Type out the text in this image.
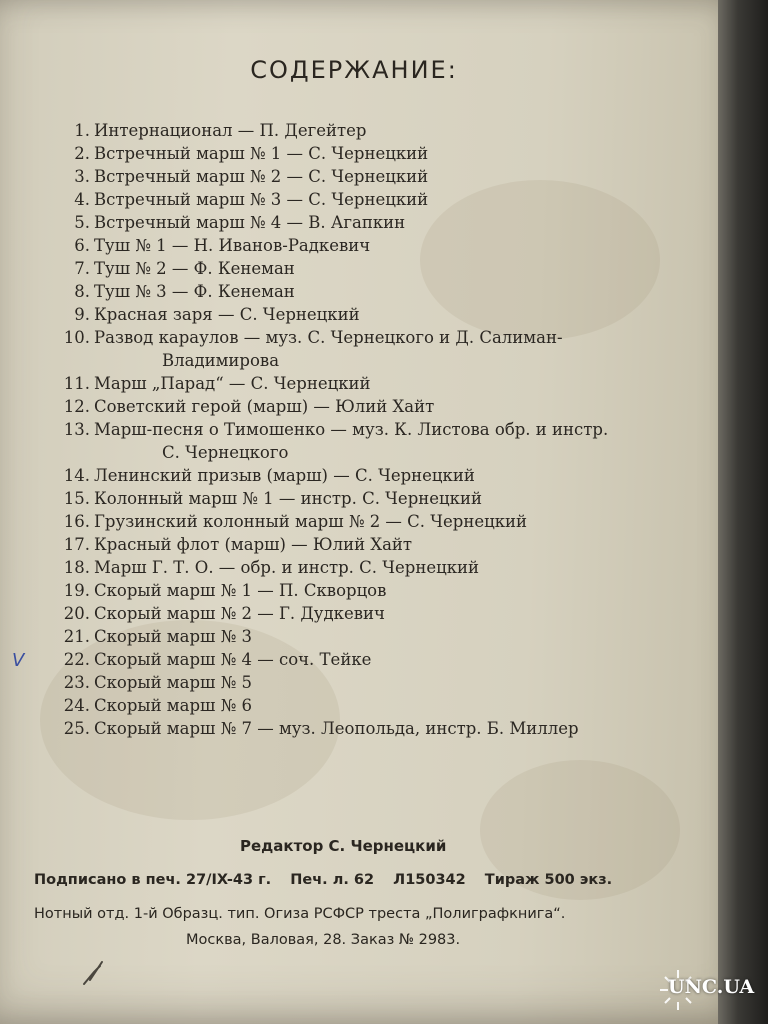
СОДЕРЖАНИЕ:
1. Интернационал — П. Дегейтер
2. Встречный марш № 1 — С. Чернецкий
3. Встречный марш № 2 — С. Чернецкий
4. Встречный марш № 3 — С. Чернецкий
5. Встречный марш № 4 — В. Агапкин
6. Туш № 1 — Н. Иванов-Радкевич
7. Туш № 2 — Ф. Кенеман
8. Туш № 3 — Ф. Кенеман
9. Красная заря — С. Чернецкий
10. Развод караулов — муз. С. Чернецкого и Д. Салиман-
Владимирова
11. Марш „Парад“ — С. Чернецкий
12. Советский герой (марш) — Юлий Хайт
13. Марш-песня о Тимошенко — муз. К. Листова обр. и инстр.
С. Чернецкого
14. Ленинский призыв (марш) — С. Чернецкий
15. Колонный марш № 1 — инстр. С. Чернецкий
16. Грузинский колонный марш № 2 — С. Чернецкий
17. Красный флот (марш) — Юлий Хайт
18. Марш Г. Т. О. — обр. и инстр. С. Чернецкий
19. Скорый марш № 1 — П. Скворцов
20. Скорый марш № 2 — Г. Дудкевич
21. Скорый марш № 3
V 22. Скорый марш № 4 — соч. Тейке
23. Скорый марш № 5
24. Скорый марш № 6
25. Скорый марш № 7 — муз. Леопольда, инстр. Б. Миллер
Редактор С. Чернецкий
Подписано в печ. 27/IX-43 г. Печ. л. 62 Л150342 Тираж 500 экз.
Нотный отд. 1-й Образц. тип. Огиза РСФСР треста „Полиграфкнига“.
Москва, Валовая, 28. Заказ № 2983.
UNC.UA
